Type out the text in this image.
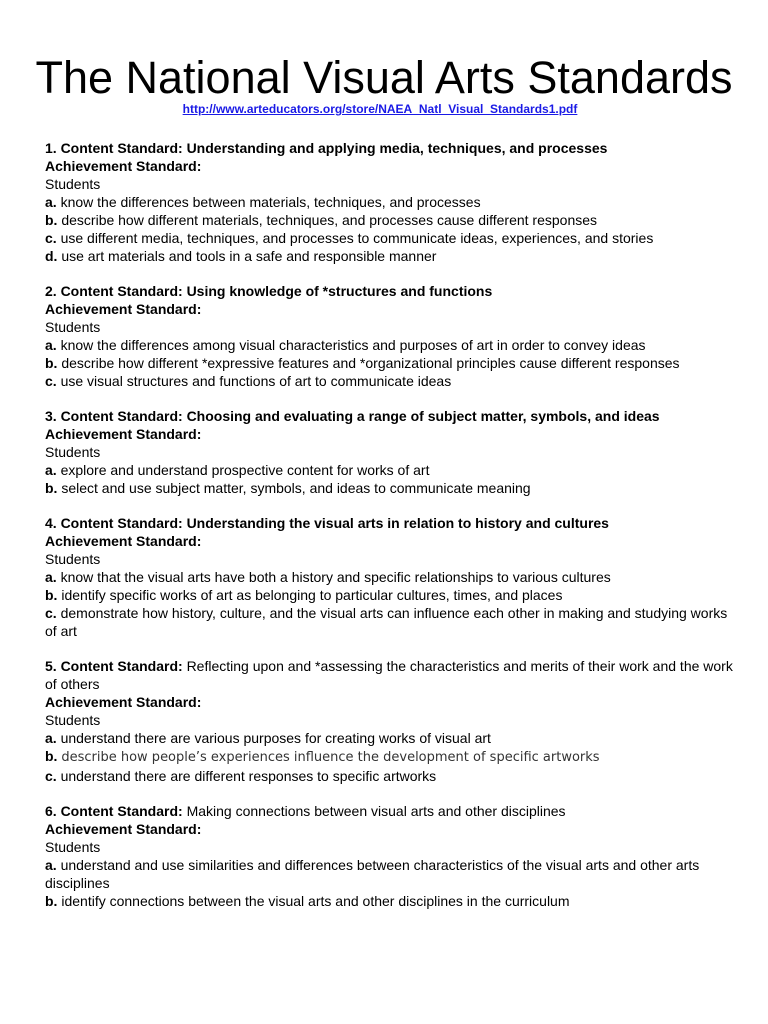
The National Visual Arts Standards
http://www.arteducators.org/store/NAEA_Natl_Visual_Standards1.pdf

1. Content Standard: Understanding and applying media, techniques, and processes

Achievement Standard:

Students

a. know the differences between materials, techniques, and processes

b. describe how different materials, techniques, and processes cause different responses

c. use different media, techniques, and processes to communicate ideas, experiences, and stories

d. use art materials and tools in a safe and responsible manner

2. Content Standard: Using knowledge of *structures and functions

Achievement Standard:

Students

a. know the differences among visual characteristics and purposes of art in order to convey ideas

b. describe how different *expressive features and *organizational principles cause different responses

c. use visual structures and functions of art to communicate ideas

3. Content Standard: Choosing and evaluating a range of subject matter, symbols, and ideas

Achievement Standard:

Students

a. explore and understand prospective content for works of art

b. select and use subject matter, symbols, and ideas to communicate meaning

4. Content Standard: Understanding the visual arts in relation to history and cultures

Achievement Standard:

Students

a. know that the visual arts have both a history and specific relationships to various cultures

b. identify specific works of art as belonging to particular cultures, times, and places

c. demonstrate how history, culture, and the visual arts can influence each other in making and studying works of art

5. Content Standard: Reflecting upon and *assessing the characteristics and merits of their work and the work of others

Achievement Standard:

Students

a. understand there are various purposes for creating works of visual art

b. describe how people’s experiences influence the development of specific artworks

c. understand there are different responses to specific artworks

6. Content Standard: Making connections between visual arts and other disciplines

Achievement Standard:

Students

a. understand and use similarities and differences between characteristics of the visual arts and other arts disciplines

b. identify connections between the visual arts and other disciplines in the curriculum
